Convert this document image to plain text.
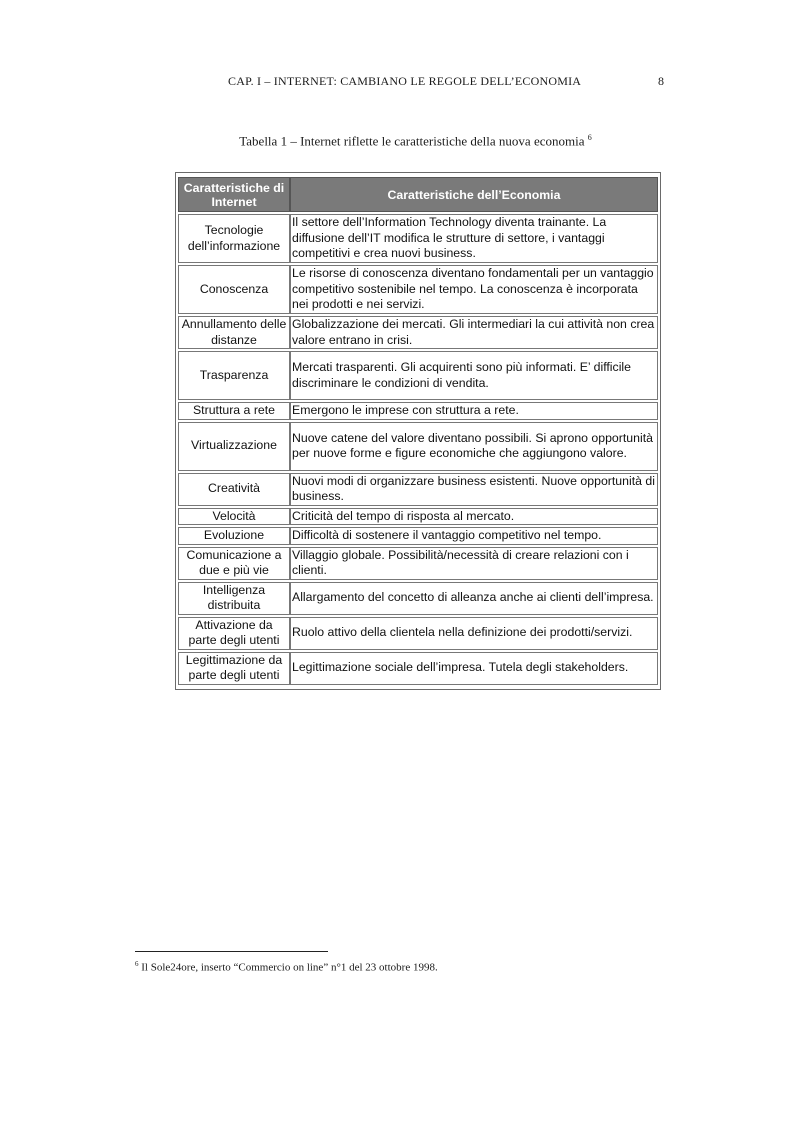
CAP. I – INTERNET: CAMBIANO LE REGOLE DELL’ECONOMIA	8
Tabella 1 – Internet riflette le caratteristiche della nuova economia $^6$
Caratteristiche di Internet	Caratteristiche dell’Economia
Tecnologie dell’informazione	Il settore dell’Information Technology diventa trainante. La diffusione dell’IT modifica le strutture di settore, i vantaggi competitivi e crea nuovi business.
Conoscenza	Le risorse di conoscenza diventano fondamentali per un vantaggio competitivo sostenibile nel tempo. La conoscenza è incorporata nei prodotti e nei servizi.
Annullamento delle distanze	Globalizzazione dei mercati. Gli intermediari la cui attività non crea valore entrano in crisi.
Trasparenza	Mercati trasparenti. Gli acquirenti sono più informati. E’ difficile discriminare le condizioni di vendita.
Struttura a rete	Emergono le imprese con struttura a rete.
Virtualizzazione	Nuove catene del valore diventano possibili. Si aprono opportunità per nuove forme e figure economiche che aggiungono valore.
Creatività	Nuovi modi di organizzare business esistenti. Nuove opportunità di business.
Velocità	Criticità del tempo di risposta al mercato.
Evoluzione	Difficoltà di sostenere il vantaggio competitivo nel tempo.
Comunicazione a due e più vie	Villaggio globale. Possibilità/necessità di creare relazioni con i clienti.
Intelligenza distribuita	Allargamento del concetto di alleanza anche ai clienti dell’impresa.
Attivazione da parte degli utenti	Ruolo attivo della clientela nella definizione dei prodotti/servizi.
Legittimazione da parte degli utenti	Legittimazione sociale dell’impresa. Tutela degli stakeholders.
$^6$ Il Sole24ore, inserto “Commercio on line” n°1 del 23 ottobre 1998.
